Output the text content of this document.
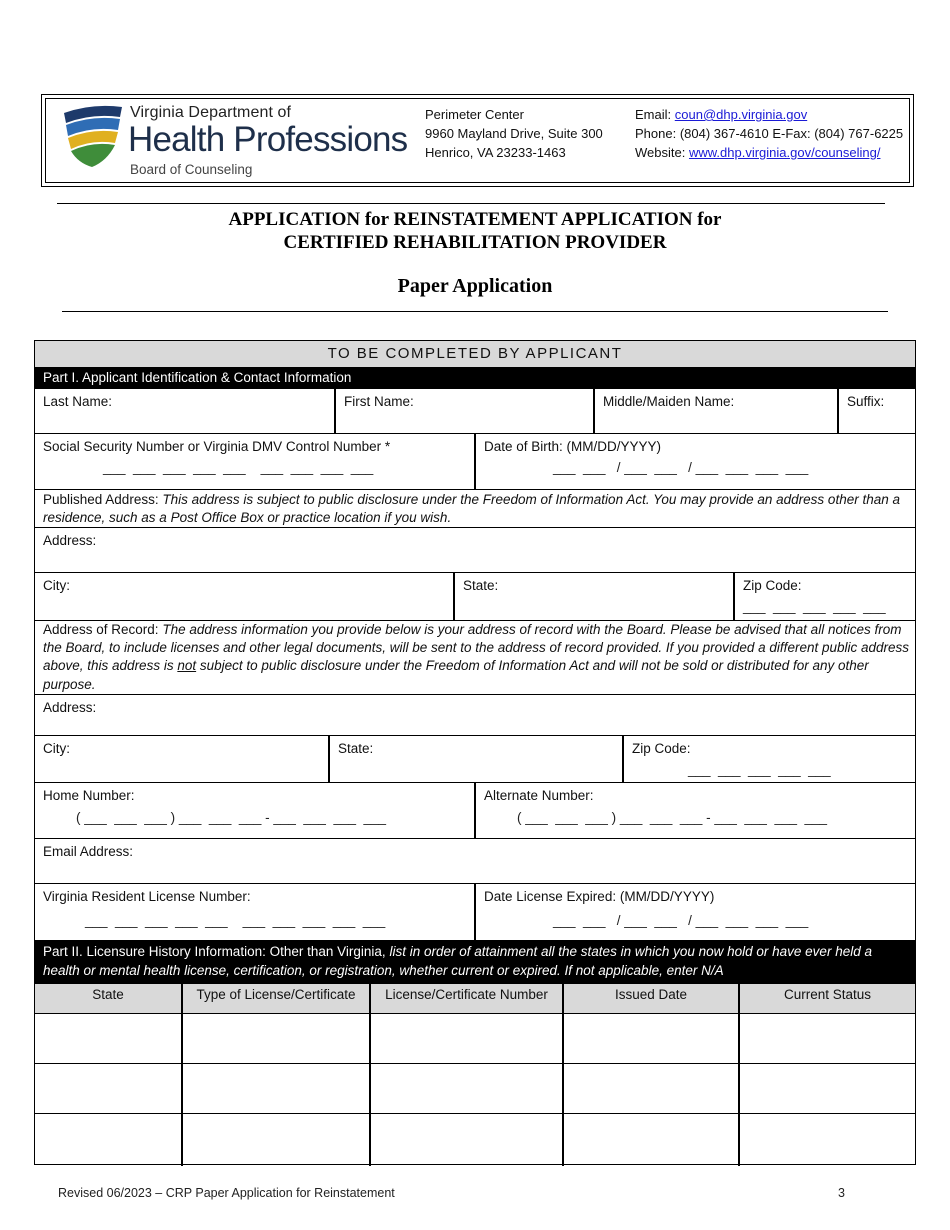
Virginia Department of
Health Professions
Board of Counseling
Perimeter Center
9960 Mayland Drive, Suite 300
Henrico, VA 23233-1463
Email: coun@dhp.virginia.gov
Phone: (804) 367-4610 E-Fax: (804) 767-6225
Website: www.dhp.virginia.gov/counseling/
APPLICATION for REINSTATEMENT APPLICATION for
CERTIFIED REHABILITATION PROVIDER
Paper Application
TO BE COMPLETED BY APPLICANT
Part I. Applicant Identification & Contact Information
Last Name:	First Name:	Middle/Maiden Name:	Suffix:
Social Security Number or Virginia DMV Control Number *
___  ___  ___  ___  ___    ___  ___  ___  ___
Date of Birth: (MM/DD/YYYY)
___  ___   / ___  ___   / ___  ___  ___  ___
Published Address: This address is subject to public disclosure under the Freedom of Information Act. You may provide an address other than a residence, such as a Post Office Box or practice location if you wish.
Address:
City:	State:	Zip Code:
___  ___  ___  ___  ___
Address of Record: The address information you provide below is your address of record with the Board. Please be advised that all notices from the Board, to include licenses and other legal documents, will be sent to the address of record provided. If you provided a different public address above, this address is not subject to public disclosure under the Freedom of Information Act and will not be sold or distributed for any other purpose.
Address:
City:	State:	Zip Code:
___  ___  ___  ___  ___
Home Number:
( ___  ___  ___ ) ___  ___  ___ - ___  ___  ___  ___
Alternate Number:
( ___  ___  ___ ) ___  ___  ___ - ___  ___  ___  ___
Email Address:
Virginia Resident License Number:
___  ___  ___  ___  ___    ___  ___  ___  ___  ___
Date License Expired: (MM/DD/YYYY)
___  ___   / ___  ___   / ___  ___  ___  ___
Part II. Licensure History Information: Other than Virginia, list in order of attainment all the states in which you now hold or have ever held a health or mental health license, certification, or registration, whether current or expired. If not applicable, enter N/A
State	Type of License/Certificate	License/Certificate Number	Issued Date	Current Status
Revised 06/2023 – CRP Paper Application for Reinstatement	3
